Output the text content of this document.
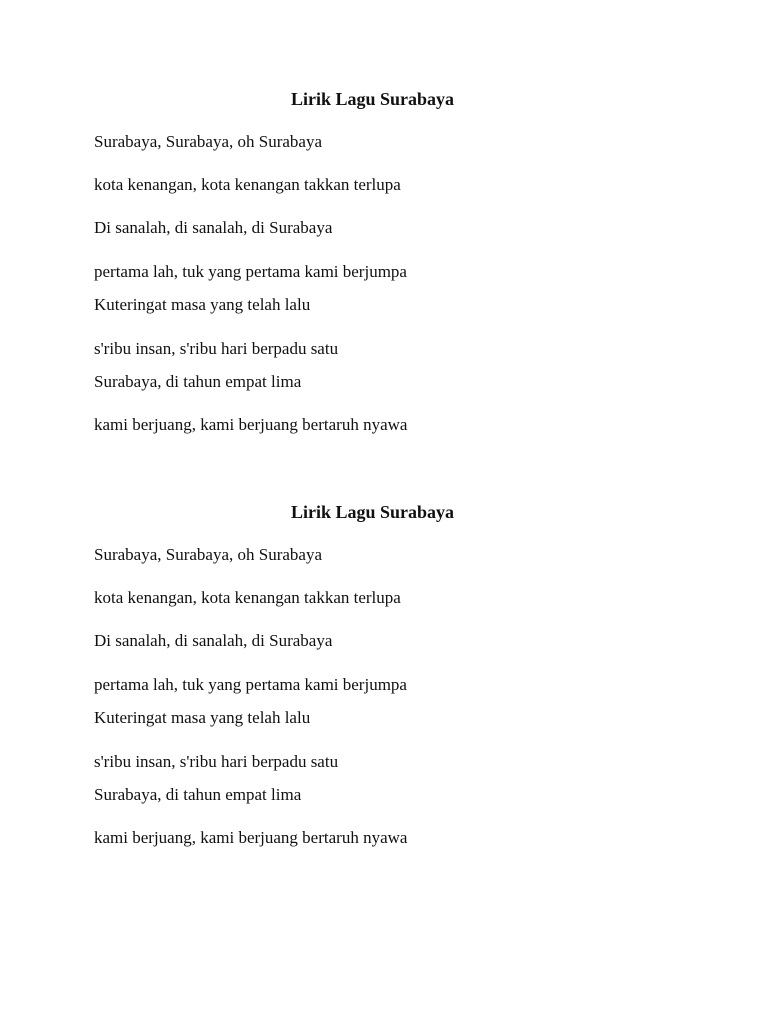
Lirik Lagu Surabaya
Surabaya, Surabaya, oh Surabaya
kota kenangan, kota kenangan takkan terlupa
Di sanalah, di sanalah, di Surabaya
pertama lah, tuk yang pertama kami berjumpa
Kuteringat masa yang telah lalu
s'ribu insan, s'ribu hari berpadu satu
Surabaya, di tahun empat lima
kami berjuang, kami berjuang bertaruh nyawa
Lirik Lagu Surabaya
Surabaya, Surabaya, oh Surabaya
kota kenangan, kota kenangan takkan terlupa
Di sanalah, di sanalah, di Surabaya
pertama lah, tuk yang pertama kami berjumpa
Kuteringat masa yang telah lalu
s'ribu insan, s'ribu hari berpadu satu
Surabaya, di tahun empat lima
kami berjuang, kami berjuang bertaruh nyawa
